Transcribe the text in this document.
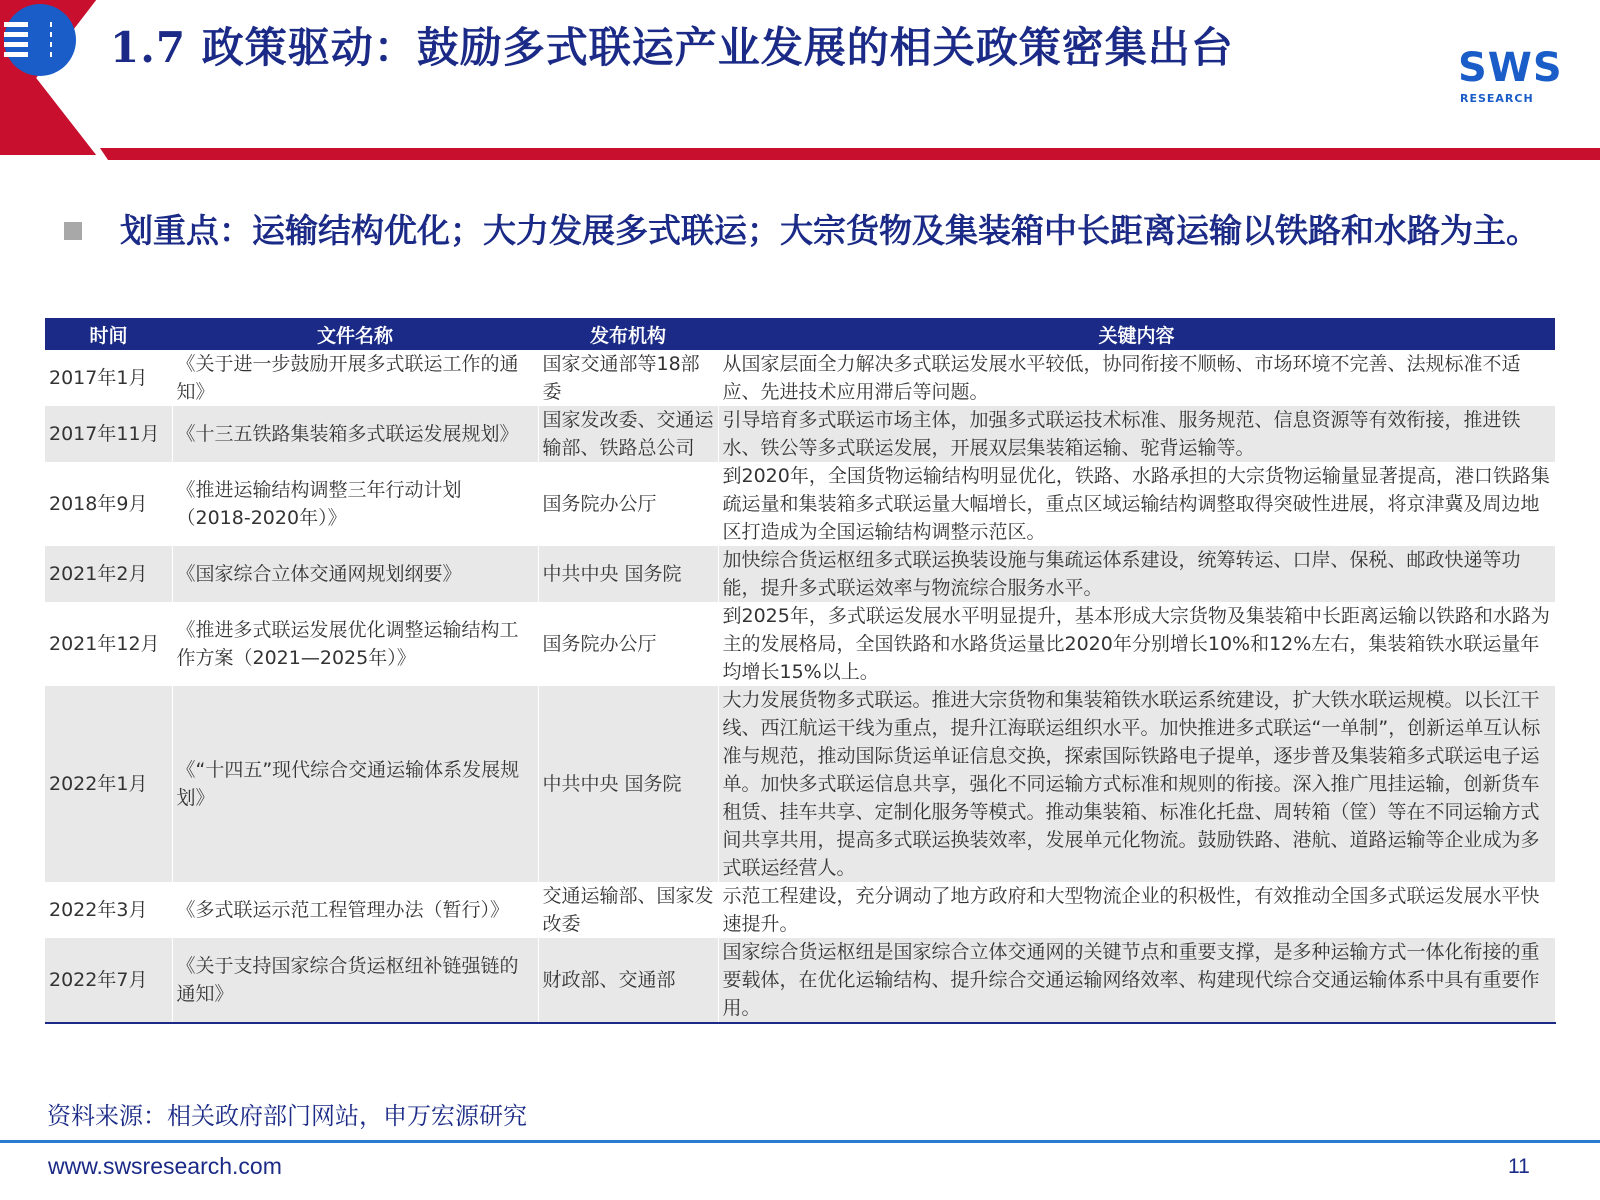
1.7 政策驱动：鼓励多式联运产业发展的相关政策密集出台	SWS
RESEARCH
划重点：运输结构优化；大力发展多式联运；大宗货物及集装箱中长距离运输以铁路和水路为主。
时间	文件名称	发布机构	关键内容
2017年1月	《关于进一步鼓励开展多式联运工作的通知》	国家交通部等18部委	从国家层面全力解决多式联运发展水平较低，协同衔接不顺畅、市场环境不完善、法规标准不适应、先进技术应用滞后等问题。
2017年11月	《十三五铁路集装箱多式联运发展规划》	国家发改委、交通运输部、铁路总公司	引导培育多式联运市场主体，加强多式联运技术标准、服务规范、信息资源等有效衔接，推进铁水、铁公等多式联运发展，开展双层集装箱运输、驼背运输等。
2018年9月	《推进运输结构调整三年行动计划（2018-2020年）》	国务院办公厅	到2020年，全国货物运输结构明显优化，铁路、水路承担的大宗货物运输量显著提高，港口铁路集疏运量和集装箱多式联运量大幅增长，重点区域运输结构调整取得突破性进展，将京津冀及周边地区打造成为全国运输结构调整示范区。
2021年2月	《国家综合立体交通网规划纲要》	中共中央 国务院	加快综合货运枢纽多式联运换装设施与集疏运体系建设，统筹转运、口岸、保税、邮政快递等功能，提升多式联运效率与物流综合服务水平。
2021年12月	《推进多式联运发展优化调整运输结构工作方案（2021—2025年）》	国务院办公厅	到2025年，多式联运发展水平明显提升，基本形成大宗货物及集装箱中长距离运输以铁路和水路为主的发展格局，全国铁路和水路货运量比2020年分别增长10%和12%左右，集装箱铁水联运量年均增长15%以上。
2022年1月	《“十四五”现代综合交通运输体系发展规划》	中共中央 国务院	大力发展货物多式联运。推进大宗货物和集装箱铁水联运系统建设，扩大铁水联运规模。以长江干线、西江航运干线为重点，提升江海联运组织水平。加快推进多式联运“一单制”，创新运单互认标准与规范，推动国际货运单证信息交换，探索国际铁路电子提单，逐步普及集装箱多式联运电子运单。加快多式联运信息共享，强化不同运输方式标准和规则的衔接。深入推广甩挂运输，创新货车租赁、挂车共享、定制化服务等模式。推动集装箱、标准化托盘、周转箱（筐）等在不同运输方式间共享共用，提高多式联运换装效率，发展单元化物流。鼓励铁路、港航、道路运输等企业成为多式联运经营人。
2022年3月	《多式联运示范工程管理办法（暂行）》	交通运输部、国家发改委	示范工程建设，充分调动了地方政府和大型物流企业的积极性，有效推动全国多式联运发展水平快速提升。
2022年7月	《关于支持国家综合货运枢纽补链强链的通知》	财政部、交通部	国家综合货运枢纽是国家综合立体交通网的关键节点和重要支撑，是多种运输方式一体化衔接的重要载体，在优化运输结构、提升综合交通运输网络效率、构建现代综合交通运输体系中具有重要作用。
资料来源：相关政府部门网站，申万宏源研究
www.swsresearch.com	11
